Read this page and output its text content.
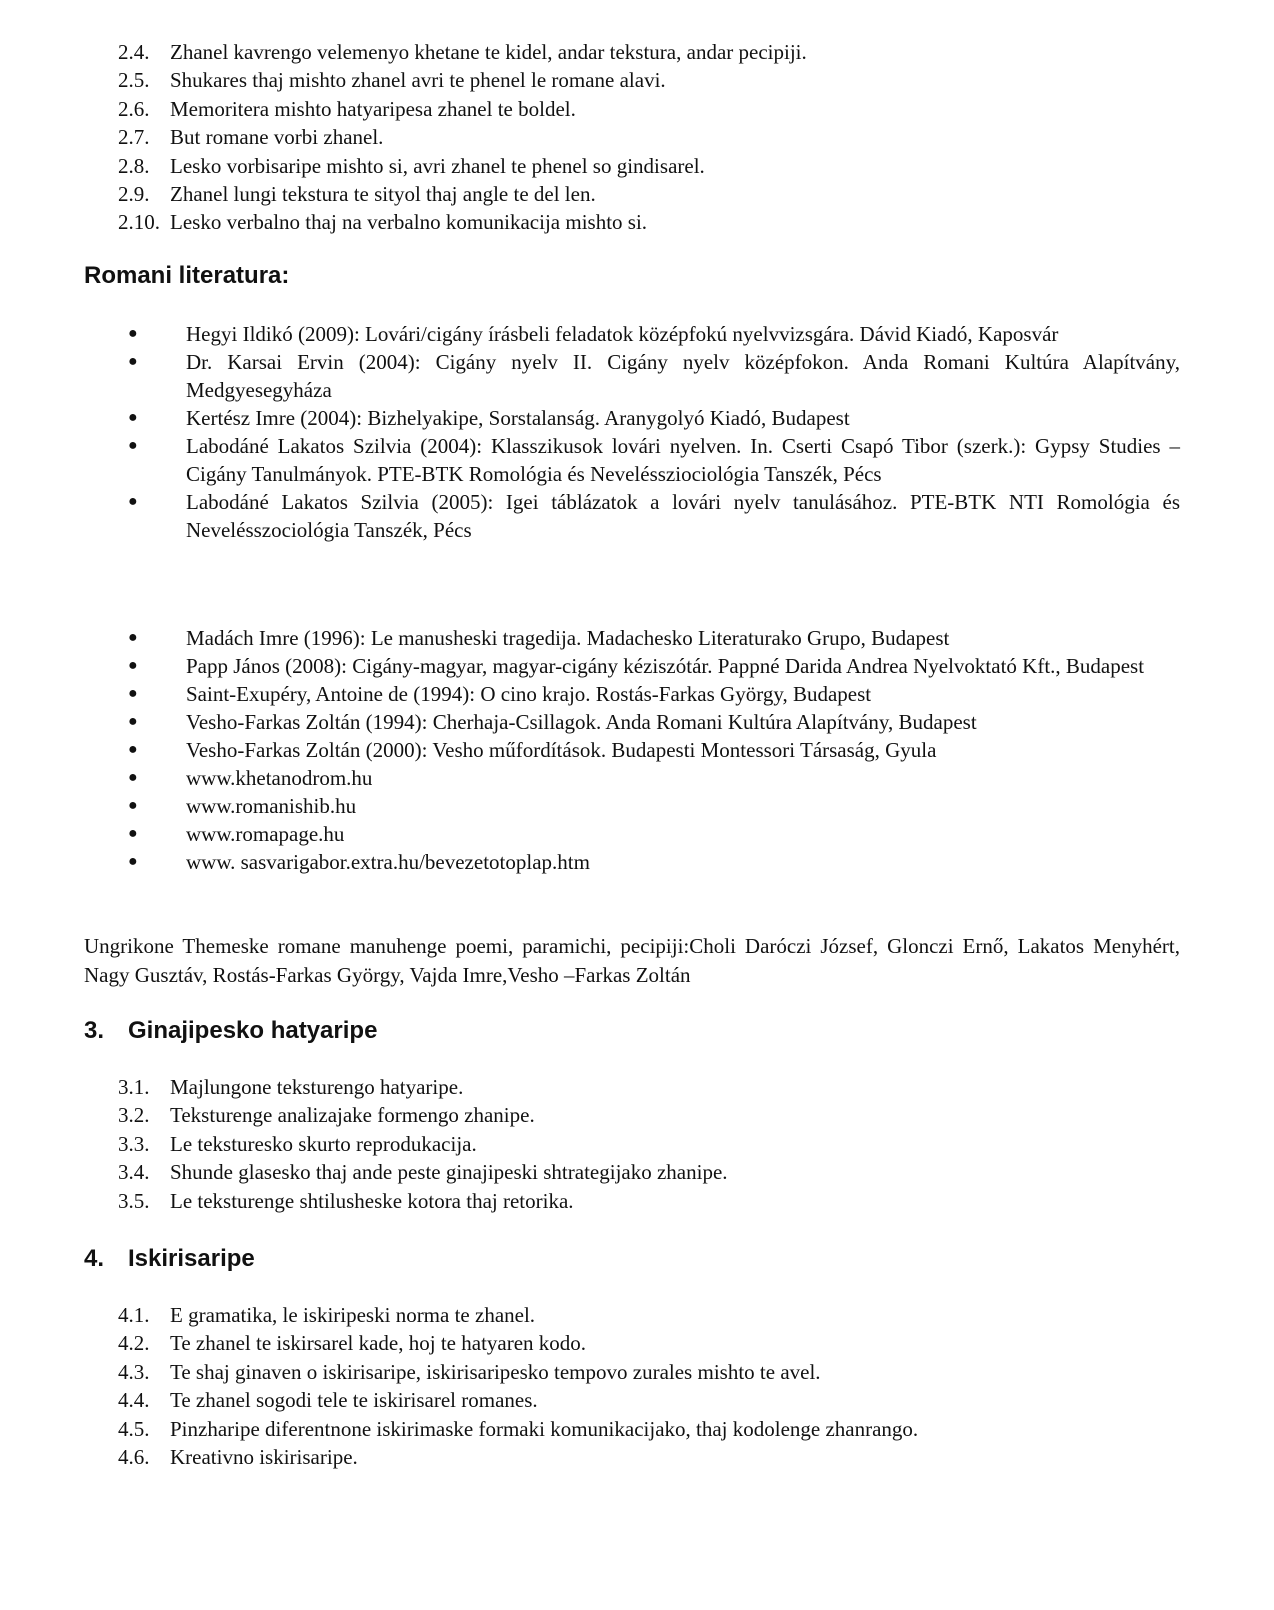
2.4. Zhanel kavrengo velemenyo khetane te kidel, andar tekstura, andar pecipiji.
2.5. Shukares thaj mishto zhanel avri te phenel le romane alavi.
2.6. Memoritera mishto hatyaripesa zhanel te boldel.
2.7. But romane vorbi zhanel.
2.8. Lesko vorbisaripe mishto si, avri zhanel te phenel so gindisarel.
2.9. Zhanel lungi tekstura te sityol thaj angle te del len.
2.10. Lesko verbalno thaj na verbalno komunikacija mishto si.
Romani literatura:
● Hegyi Ildikó (2009): Lovári/cigány írásbeli feladatok középfokú nyelvvizsgára. Dávid Kiadó, Kaposvár
● Dr. Karsai Ervin (2004): Cigány nyelv II. Cigány nyelv középfokon. Anda Romani Kultúra Alapítvány, Medgyesegyháza
● Kertész Imre (2004): Bizhelyakipe, Sorstalanság. Aranygolyó Kiadó, Budapest
● Labodáné Lakatos Szilvia (2004): Klasszikusok lovári nyelven. In. Cserti Csapó Tibor (szerk.): Gypsy Studies – Cigány Tanulmányok. PTE-BTK Romológia és Neveléssziociológia Tanszék, Pécs
● Labodáné Lakatos Szilvia (2005): Igei táblázatok a lovári nyelv tanulásához. PTE-BTK NTI Romológia és Nevelésszociológia Tanszék, Pécs
● Madách Imre (1996): Le manusheski tragedija. Madachesko Literaturako Grupo, Budapest
● Papp János (2008): Cigány-magyar, magyar-cigány kéziszótár. Pappné Darida Andrea Nyelvoktató Kft., Budapest
● Saint-Exupéry, Antoine de (1994): O cino krajo. Rostás-Farkas György, Budapest
● Vesho-Farkas Zoltán (1994): Cherhaja-Csillagok. Anda Romani Kultúra Alapítvány, Budapest
● Vesho-Farkas Zoltán (2000): Vesho műfordítások. Budapesti Montessori Társaság, Gyula
● www.khetanodrom.hu
● www.romanishib.hu
● www.romapage.hu
● www. sasvarigabor.extra.hu/bevezetotoplap.htm

Ungrikone Themeske romane manuhenge poemi, paramichi, pecipiji:Choli Daróczi József, Glonczi Ernő, Lakatos Menyhért, Nagy Gusztáv, Rostás-Farkas György, Vajda Imre,Vesho –Farkas Zoltán

3. Ginajipesko hatyaripe
3.1. Majlungone teksturengo hatyaripe.
3.2. Teksturenge analizajake formengo zhanipe.
3.3. Le teksturesko skurto reprodukacija.
3.4. Shunde glasesko thaj ande peste ginajipeski shtrategijako zhanipe.
3.5. Le teksturenge shtilusheske kotora thaj retorika.
4. Iskirisaripe
4.1. E gramatika, le iskiripeski norma te zhanel.
4.2. Te zhanel te iskirsarel kade, hoj te hatyaren kodo.
4.3. Te shaj ginaven o iskirisaripe, iskirisaripesko tempovo zurales mishto te avel.
4.4. Te zhanel sogodi tele te iskirisarel romanes.
4.5. Pinzharipe diferentnone iskirimaske formaki komunikacijako, thaj kodolenge zhanrango.
4.6. Kreativno iskirisaripe.
